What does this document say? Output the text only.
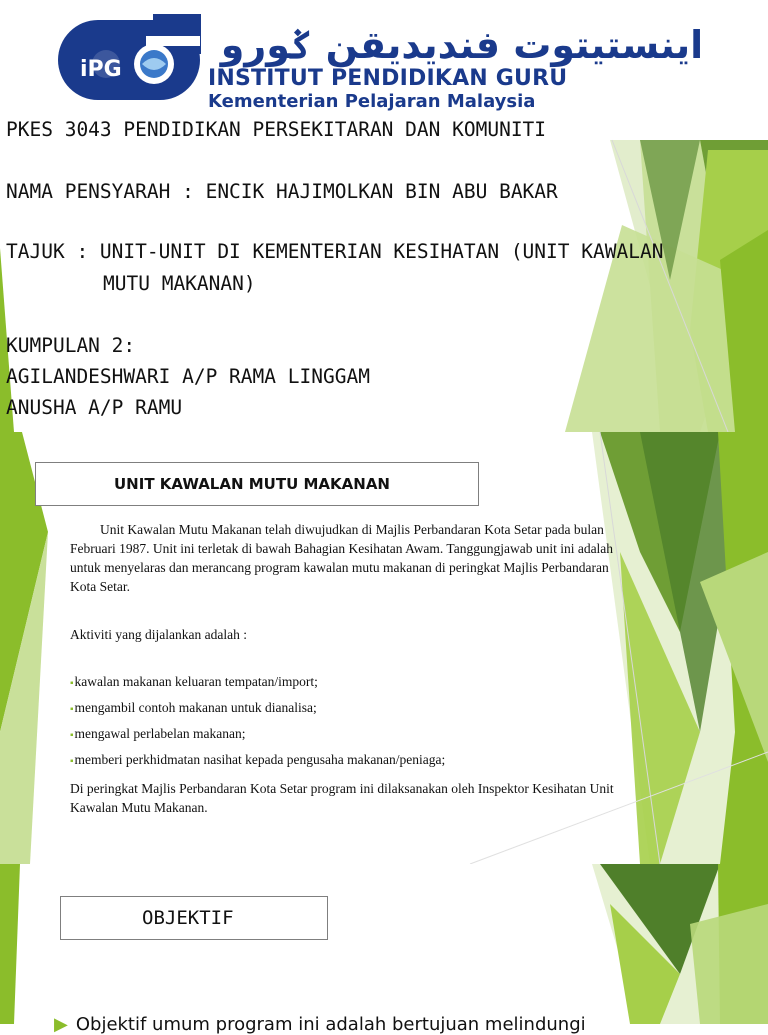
iPG
اينستيتوت فنديديقن ݢورو
INSTITUT PENDIDIKAN GURU
Kementerian Pelajaran Malaysia
PKES 3043 PENDIDIKAN PERSEKITARAN DAN KOMUNITI
NAMA PENSYARAH : ENCIK HAJIMOLKAN BIN ABU BAKAR
TAJUK : UNIT-UNIT DI KEMENTERIAN KESIHATAN (UNIT KAWALAN
MUTU MAKANAN)
KUMPULAN 2:
AGILANDESHWARI A/P RAMA LINGGAM
ANUSHA A/P RAMU
UNIT KAWALAN MUTU MAKANAN
Unit Kawalan Mutu Makanan telah diwujudkan di Majlis Perbandaran Kota Setar pada bulan
Februari 1987. Unit ini terletak di bawah Bahagian Kesihatan Awam. Tanggungjawab unit ini adalah
untuk menyelaras dan merancang program kawalan mutu makanan di peringkat Majlis Perbandaran
Kota Setar.
Aktiviti yang dijalankan adalah :
▪kawalan makanan keluaran tempatan/import;
▪mengambil contoh makanan untuk dianalisa;
▪mengawal perlabelan makanan;
▪memberi perkhidmatan nasihat kepada pengusaha makanan/peniaga;
Di peringkat Majlis Perbandaran Kota Setar program ini dilaksanakan oleh Inspektor Kesihatan Unit
Kawalan Mutu Makanan.
OBJEKTIF
▶ Objektif umum program ini adalah bertujuan melindungi
